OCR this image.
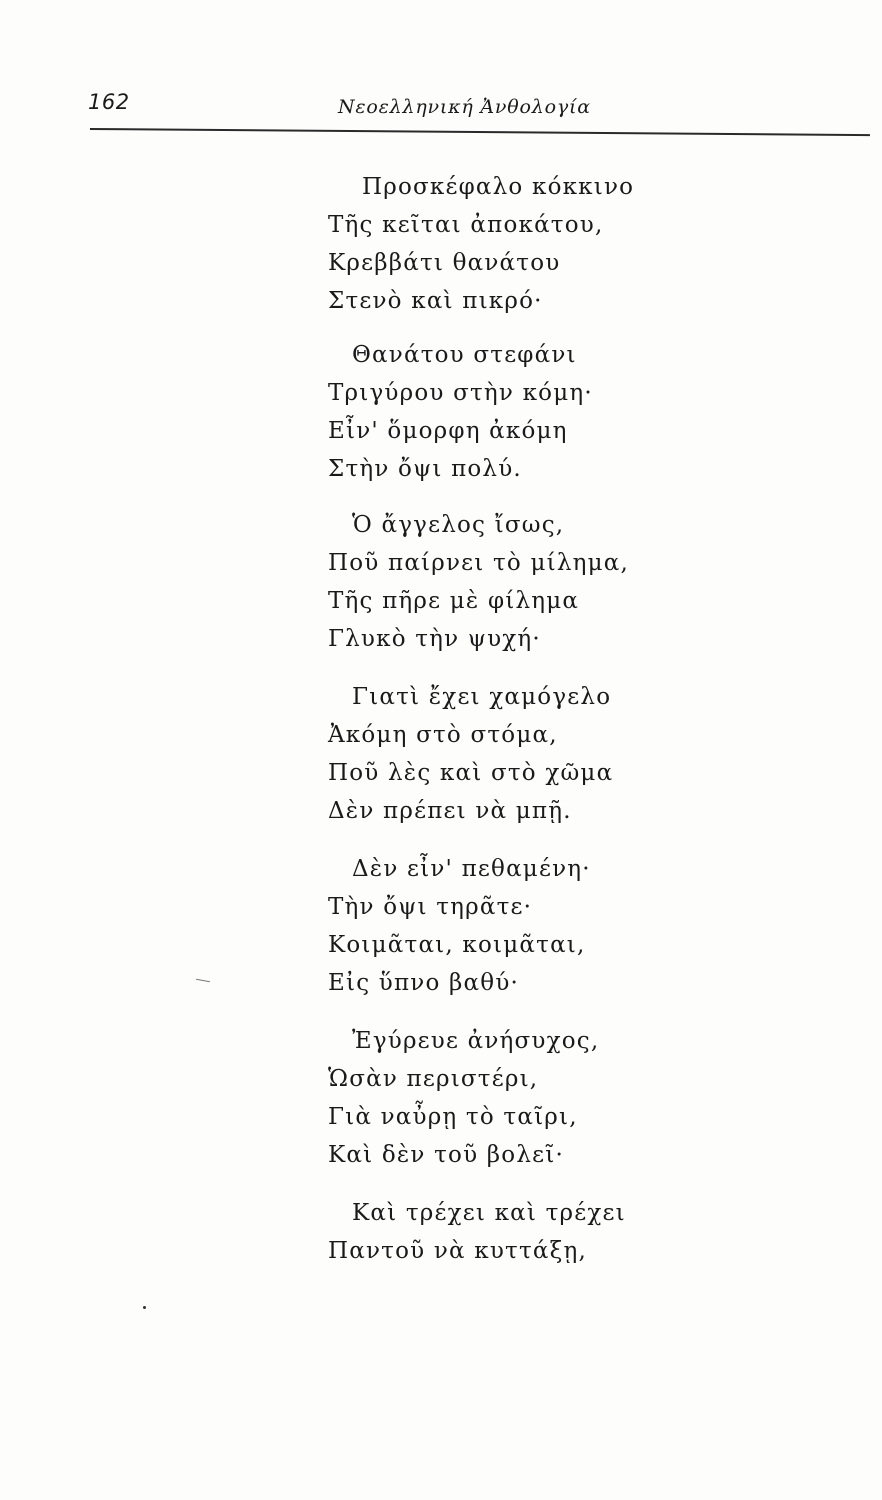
162	Νεοελληνική Ἀνθολογία
Προσκέφαλο κόκκινο
Τῆς κεῖται ἀποκάτου,
Κρεββάτι θανάτου
Στενὸ καὶ πικρό·
Θανάτου στεφάνι
Τριγύρου στὴν κόμη·
Εἶν' ὅμορφη ἀκόμη
Στὴν ὄψι πολύ.
Ὁ ἄγγελος ἴσως,
Ποῦ παίρνει τὸ μίλημα,
Τῆς πῆρε μὲ φίλημα
Γλυκὸ τὴν ψυχή·
Γιατὶ ἔχει χαμόγελο
Ἀκόμη στὸ στόμα,
Ποῦ λὲς καὶ στὸ χῶμα
Δὲν πρέπει νὰ μπῇ.
Δὲν εἶν' πεθαμένη·
Τὴν ὄψι τηρᾶτε·
Κοιμᾶται, κοιμᾶται,
Εἰς ὕπνο βαθύ·
Ἐγύρευε ἀνήσυχος,
Ὡσὰν περιστέρι,
Γιὰ ναὖρῃ τὸ ταῖρι,
Καὶ δὲν τοῦ βολεῖ·
Καὶ τρέχει καὶ τρέχει
Παντοῦ νὰ κυττάξῃ,
